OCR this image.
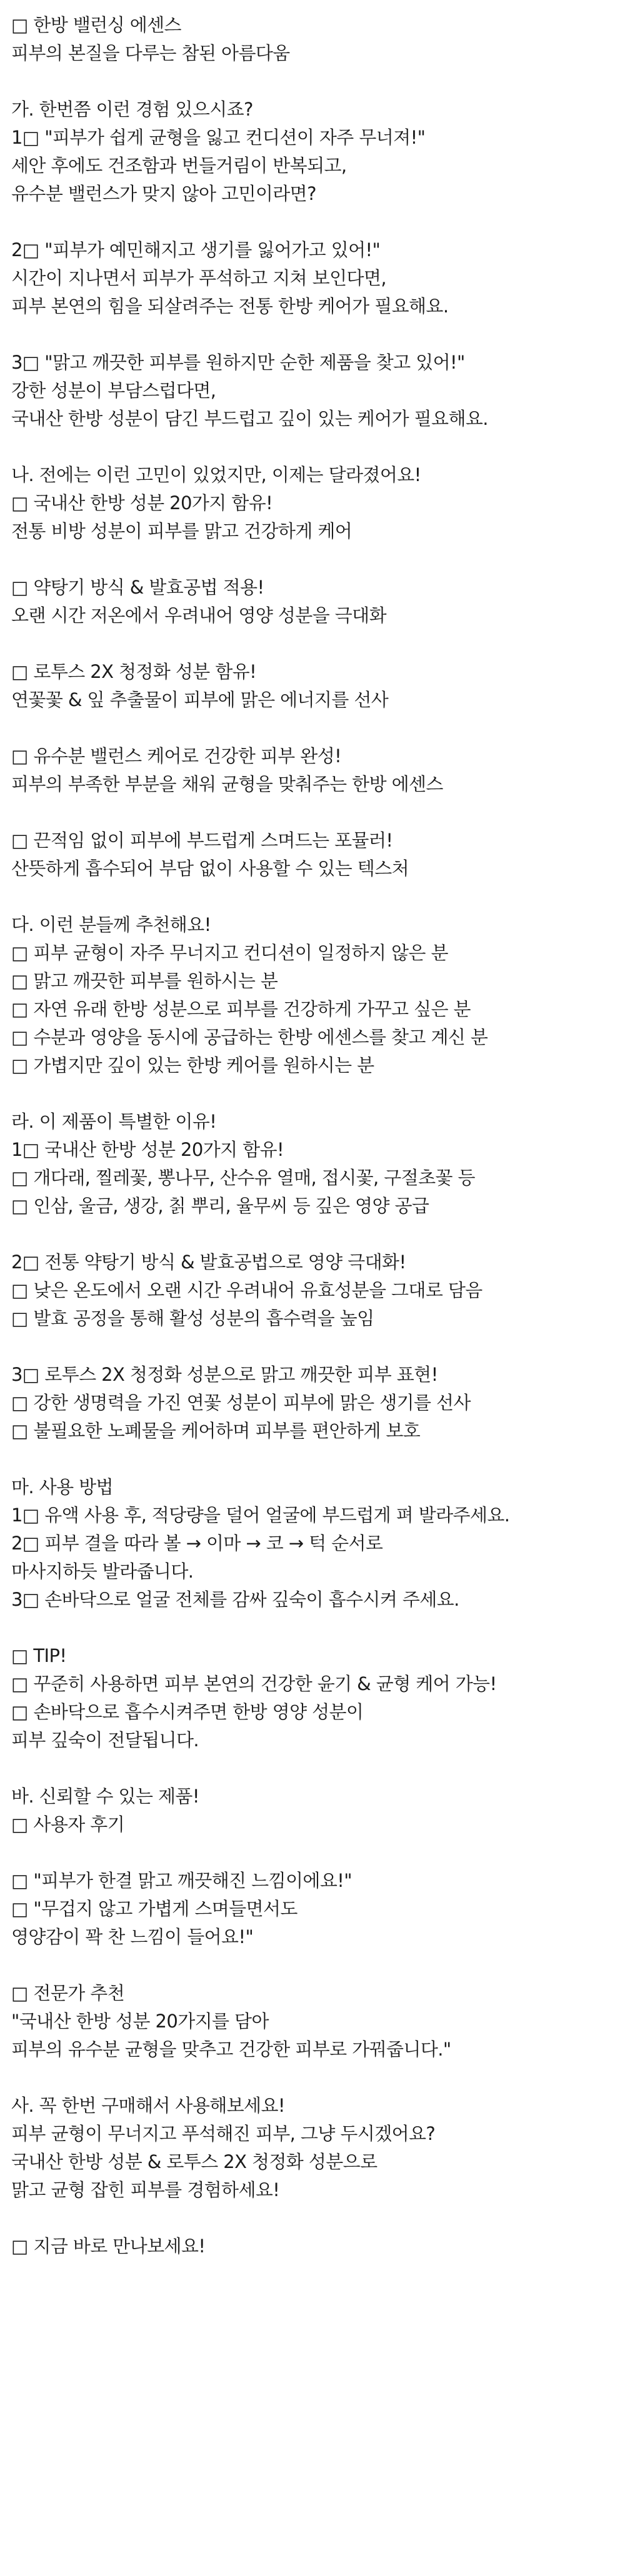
□ 한방 밸런싱 에센스
피부의 본질을 다루는 참된 아름다움
가. 한번쯤 이런 경험 있으시죠?
1□ "피부가 쉽게 균형을 잃고 컨디션이 자주 무너져!"
세안 후에도 건조함과 번들거림이 반복되고,
유수분 밸런스가 맞지 않아 고민이라면?
2□ "피부가 예민해지고 생기를 잃어가고 있어!"
시간이 지나면서 피부가 푸석하고 지쳐 보인다면,
피부 본연의 힘을 되살려주는 전통 한방 케어가 필요해요.
3□ "맑고 깨끗한 피부를 원하지만 순한 제품을 찾고 있어!"
강한 성분이 부담스럽다면,
국내산 한방 성분이 담긴 부드럽고 깊이 있는 케어가 필요해요.
나. 전에는 이런 고민이 있었지만, 이제는 달라졌어요!
□ 국내산 한방 성분 20가지 함유!
전통 비방 성분이 피부를 맑고 건강하게 케어
□ 약탕기 방식 & 발효공법 적용!
오랜 시간 저온에서 우려내어 영양 성분을 극대화
□ 로투스 2X 청정화 성분 함유!
연꽃꽃 & 잎 추출물이 피부에 맑은 에너지를 선사
□ 유수분 밸런스 케어로 건강한 피부 완성!
피부의 부족한 부분을 채워 균형을 맞춰주는 한방 에센스
□ 끈적임 없이 피부에 부드럽게 스며드는 포뮬러!
산뜻하게 흡수되어 부담 없이 사용할 수 있는 텍스처
다. 이런 분들께 추천해요!
□ 피부 균형이 자주 무너지고 컨디션이 일정하지 않은 분
□ 맑고 깨끗한 피부를 원하시는 분
□ 자연 유래 한방 성분으로 피부를 건강하게 가꾸고 싶은 분
□ 수분과 영양을 동시에 공급하는 한방 에센스를 찾고 계신 분
□ 가볍지만 깊이 있는 한방 케어를 원하시는 분
라. 이 제품이 특별한 이유!
1□ 국내산 한방 성분 20가지 함유!
□ 개다래, 찔레꽃, 뽕나무, 산수유 열매, 접시꽃, 구절초꽃 등
□ 인삼, 울금, 생강, 칡 뿌리, 율무씨 등 깊은 영양 공급
2□ 전통 약탕기 방식 & 발효공법으로 영양 극대화!
□ 낮은 온도에서 오랜 시간 우려내어 유효성분을 그대로 담음
□ 발효 공정을 통해 활성 성분의 흡수력을 높임
3□ 로투스 2X 청정화 성분으로 맑고 깨끗한 피부 표현!
□ 강한 생명력을 가진 연꽃 성분이 피부에 맑은 생기를 선사
□ 불필요한 노폐물을 케어하며 피부를 편안하게 보호
마. 사용 방법
1□ 유액 사용 후, 적당량을 덜어 얼굴에 부드럽게 펴 발라주세요.
2□ 피부 결을 따라 볼 → 이마 → 코 → 턱 순서로
마사지하듯 발라줍니다.
3□ 손바닥으로 얼굴 전체를 감싸 깊숙이 흡수시켜 주세요.
□ TIP!
□ 꾸준히 사용하면 피부 본연의 건강한 윤기 & 균형 케어 가능!
□ 손바닥으로 흡수시켜주면 한방 영양 성분이
피부 깊숙이 전달됩니다.
바. 신뢰할 수 있는 제품!
□ 사용자 후기
□ "피부가 한결 맑고 깨끗해진 느낌이에요!"
□ "무겁지 않고 가볍게 스며들면서도
영양감이 꽉 찬 느낌이 들어요!"
□ 전문가 추천
"국내산 한방 성분 20가지를 담아
피부의 유수분 균형을 맞추고 건강한 피부로 가꿔줍니다."
사. 꼭 한번 구매해서 사용해보세요!
피부 균형이 무너지고 푸석해진 피부, 그냥 두시겠어요?
국내산 한방 성분 & 로투스 2X 청정화 성분으로
맑고 균형 잡힌 피부를 경험하세요!
□ 지금 바로 만나보세요!
